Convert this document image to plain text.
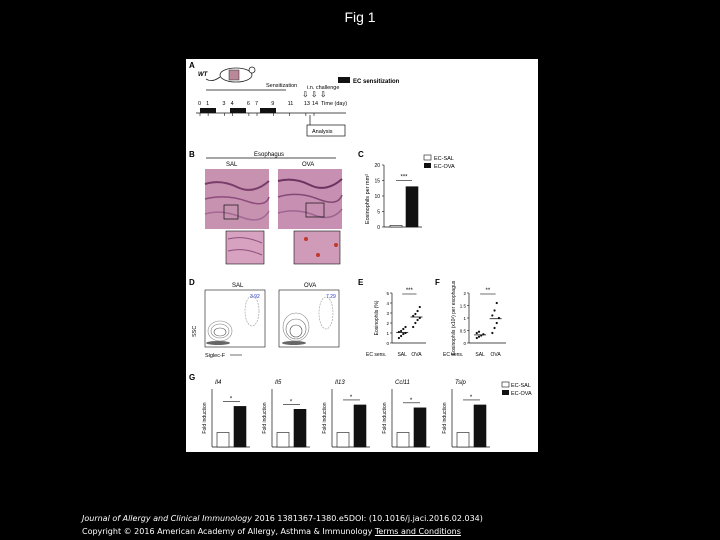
Fig 1
A
WT
Sensitization i.n. challenge
⇩ ⇩ ⇩
EC sensitization
0 1 3 4 6 7 9 11 13 14 Time (day)
Analysis
B	Esophagus
SAL	OVA
C
0
5
10
15
20
Eosinophils per mm²	***
EC-SAL
EC-OVA
D	SAL	OVA
3.92	7.29
SSC
Siglec-F
E
0
1
2
3
4
5
Eosinophils (%)
***
EC sens. SAL OVA
F
0
0.5
1
1.5
2
Eosinophils (x10³) per esophagus	**
EC sens. SAL OVA
G
Il4
Fold induction
*
Il5
Fold induction
*
Il13
Fold induction
*
Ccl11
Fold induction
*
Tslp
Fold induction
*
EC-SAL
EC-OVA
Journal of Allergy and Clinical Immunology 2016 1381367-1380.e5DOI: (10.1016/j.jaci.2016.02.034)
Copyright © 2016 American Academy of Allergy, Asthma & Immunology Terms and Conditions
